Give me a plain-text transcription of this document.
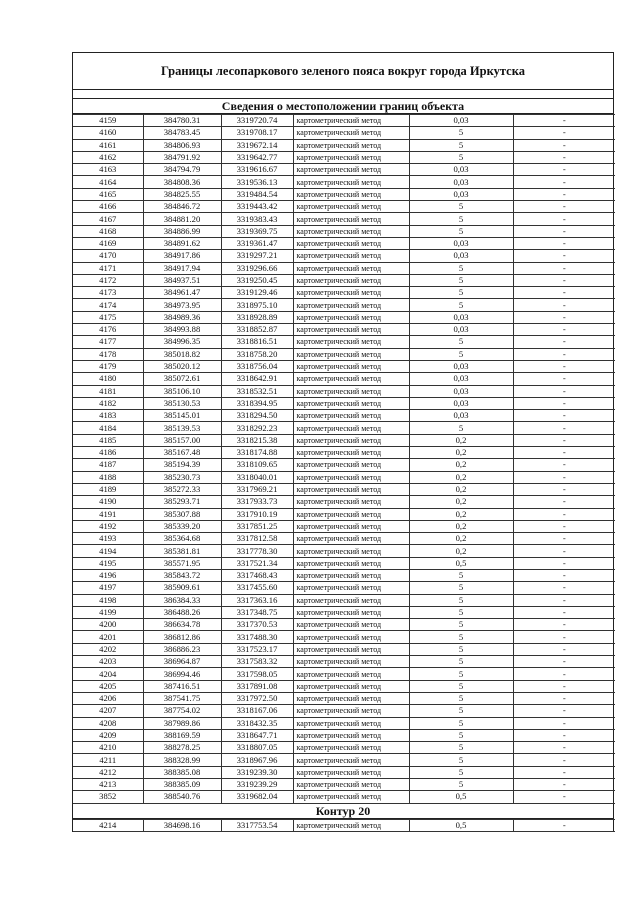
Границы лесопаркового зеленого пояса вокруг города Иркутска
Сведения о местоположении границ объекта
4159	384780.31	3319720.74	картометрический метод	0,03	-
4160	384783.45	3319708.17	картометрический метод	5	-
4161	384806.93	3319672.14	картометрический метод	5	-
4162	384791.92	3319642.77	картометрический метод	5	-
4163	384794.79	3319616.67	картометрический метод	0,03	-
4164	384808.36	3319536.13	картометрический метод	0,03	-
4165	384825.55	3319484.54	картометрический метод	0,03	-
4166	384846.72	3319443.42	картометрический метод	5	-
4167	384881.20	3319383.43	картометрический метод	5	-
4168	384886.99	3319369.75	картометрический метод	5	-
4169	384891.62	3319361.47	картометрический метод	0,03	-
4170	384917.86	3319297.21	картометрический метод	0,03	-
4171	384917.94	3319296.66	картометрический метод	5	-
4172	384937.51	3319250.45	картометрический метод	5	-
4173	384961.47	3319129.46	картометрический метод	5	-
4174	384973.95	3318975.10	картометрический метод	5	-
4175	384989.36	3318928.89	картометрический метод	0,03	-
4176	384993.88	3318852.87	картометрический метод	0,03	-
4177	384996.35	3318816.51	картометрический метод	5	-
4178	385018.82	3318758.20	картометрический метод	5	-
4179	385020.12	3318756.04	картометрический метод	0,03	-
4180	385072.61	3318642.91	картометрический метод	0,03	-
4181	385106.10	3318532.51	картометрический метод	0,03	-
4182	385130.53	3318394.95	картометрический метод	0,03	-
4183	385145.01	3318294.50	картометрический метод	0,03	-
4184	385139.53	3318292.23	картометрический метод	5	-
4185	385157.00	3318215.38	картометрический метод	0,2	-
4186	385167.48	3318174.88	картометрический метод	0,2	-
4187	385194.39	3318109.65	картометрический метод	0,2	-
4188	385230.73	3318040.01	картометрический метод	0,2	-
4189	385272.33	3317969.21	картометрический метод	0,2	-
4190	385293.71	3317933.73	картометрический метод	0,2	-
4191	385307.88	3317910.19	картометрический метод	0,2	-
4192	385339.20	3317851.25	картометрический метод	0,2	-
4193	385364.68	3317812.58	картометрический метод	0,2	-
4194	385381.81	3317778.30	картометрический метод	0,2	-
4195	385571.95	3317521.34	картометрический метод	0,5	-
4196	385843.72	3317468.43	картометрический метод	5	-
4197	385909.61	3317455.60	картометрический метод	5	-
4198	386384.33	3317363.16	картометрический метод	5	-
4199	386488.26	3317348.75	картометрический метод	5	-
4200	386634.78	3317370.53	картометрический метод	5	-
4201	386812.86	3317488.30	картометрический метод	5	-
4202	386886.23	3317523.17	картометрический метод	5	-
4203	386964.87	3317583.32	картометрический метод	5	-
4204	386994.46	3317598.05	картометрический метод	5	-
4205	387416.51	3317891.08	картометрический метод	5	-
4206	387541.75	3317972.50	картометрический метод	5	-
4207	387754.02	3318167.06	картометрический метод	5	-
4208	387989.86	3318432.35	картометрический метод	5	-
4209	388169.59	3318647.71	картометрический метод	5	-
4210	388278.25	3318807.05	картометрический метод	5	-
4211	388328.99	3318967.96	картометрический метод	5	-
4212	388385.08	3319239.30	картометрический метод	5	-
4213	388385.09	3319239.29	картометрический метод	5	-
3852	388540.76	3319682.04	картометрический метод	0,5	-
Контур 20
4214	384698.16	3317753.54	картометрический метод	0,5	-
